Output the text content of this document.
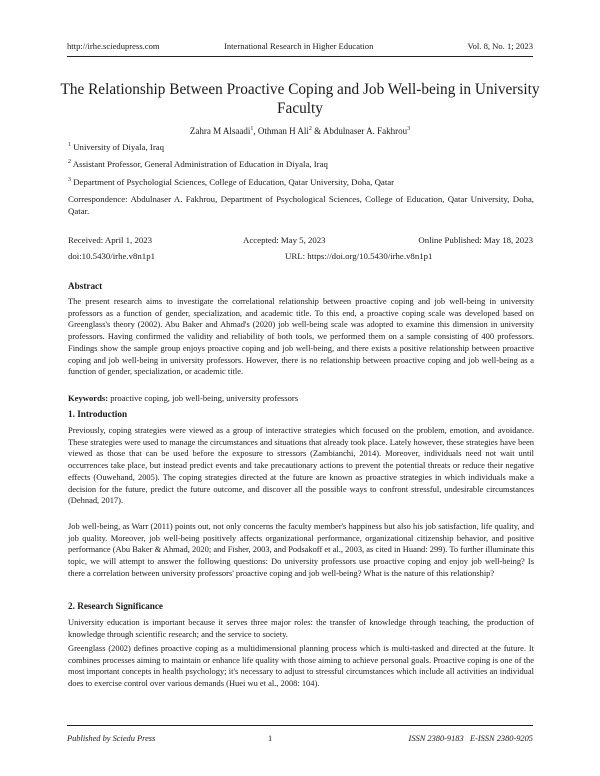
http://irhe.sciedupress.com	International Research in Higher Education	Vol. 8, No. 1; 2023
The Relationship Between Proactive Coping and Job Well-being in University Faculty
Zahra M Alsaadi$^1$, Othman H Ali$^2$ & Abdulnaser A. Fakhrou$^3$
$^1$ University of Diyala, Iraq
$^2$ Assistant Professor, General Administration of Education in Diyala, Iraq
$^3$ Department of Psychologial Sciences, College of Education, Qatar University, Doha, Qatar
Correspondence: Abdulnaser A. Fakhrou, Department of Psychological Sciences, College of Education, Qatar University, Doha, Qatar.
Received: April 1, 2023	Accepted: May 5, 2023	Online Published: May 18, 2023
doi:10.5430/irhe.v8n1p1	URL: https://doi.org/10.5430/irhe.v8n1p1
Abstract

The present research aims to investigate the correlational relationship between proactive coping and job well-being in university professors as a function of gender, specialization, and academic title. To this end, a proactive coping scale was developed based on Greenglass's theory (2002). Abu Baker and Ahmad's (2020) job well-being scale was adopted to examine this dimension in university professors. Having confirmed the validity and reliability of both tools, we performed them on a sample consisting of 400 professors. Findings show the sample group enjoys proactive coping and job well-being, and there exists a positive relationship between proactive coping and job well-being in university professors. However, there is no relationship between proactive coping and job well-being as a function of gender, specialization, or academic title.

Keywords: proactive coping, job well-being, university professors
1. Introduction

Previously, coping strategies were viewed as a group of interactive strategies which focused on the problem, emotion, and avoidance. These strategies were used to manage the circumstances and situations that already took place. Lately however, these strategies have been viewed as those that can be used before the exposure to stressors (Zambianchi, 2014). Moreover, individuals need not wait until occurrences take place, but instead predict events and take precautionary actions to prevent the potential threats or reduce their negative effects (Ouwehand, 2005). The coping strategies directed at the future are known as proactive strategies in which individuals make a decision for the future, predict the future outcome, and discover all the possible ways to confront stressful, undesirable circumstances (Dehnad, 2017).

Job well-being, as Warr (2011) points out, not only concerns the faculty member's happiness but also his job satisfaction, life quality, and job quality. Moreover, job well-being positively affects organizational performance, organizational citizenship behavior, and positive performance (Abu Baker & Ahmad, 2020; and Fisher, 2003, and Podsakoff et al., 2003, as cited in Huand: 299). To further illuminate this topic, we will attempt to answer the following questions: Do university professors use proactive coping and enjoy job well-being? Is there a correlation between university professors' proactive coping and job well-being? What is the nature of this relationship?

2. Research Significance

University education is important because it serves three major roles: the transfer of knowledge through teaching, the production of knowledge through scientific research; and the service to society.

Greenglass (2002) defines proactive coping as a multidimensional planning process which is multi-tasked and directed at the future. It combines processes aiming to maintain or enhance life quality with those aiming to achieve personal goals. Proactive coping is one of the most important concepts in health psychology; it's necessary to adjust to stressful circumstances which include all activities an individual does to exercise control over various demands (Huei wu et al., 2008: 104).

Published by Sciedu Press	1	ISSN 2380-9183   E-ISSN 2380-9205
